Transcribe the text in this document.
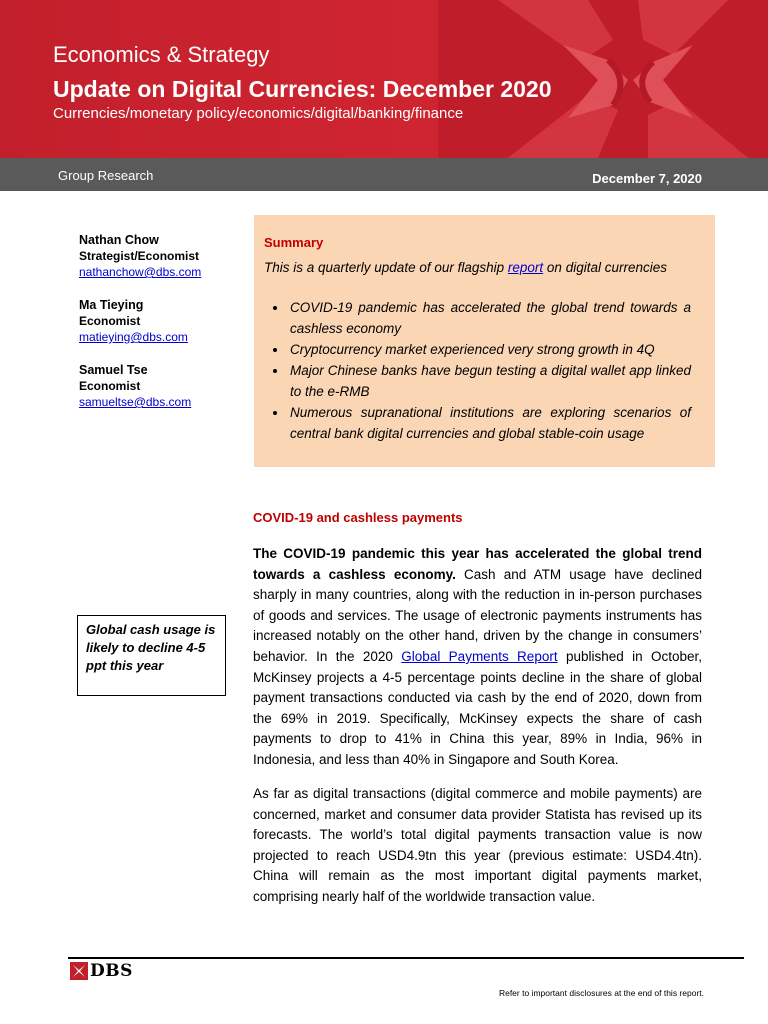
Economics & Strategy
Update on Digital Currencies: December 2020
Currencies/monetary policy/economics/digital/banking/finance
Group Research	December 7, 2020
Nathan Chow
Strategist/Economist
nathanchow@dbs.com
Ma Tieying
Economist
matieying@dbs.com
Samuel Tse
Economist
samueltse@dbs.com
Summary
This is a quarterly update of our flagship report on digital currencies
• COVID-19 pandemic has accelerated the global trend towards a cashless economy
• Cryptocurrency market experienced very strong growth in 4Q
• Major Chinese banks have begun testing a digital wallet app linked to the e-RMB
• Numerous supranational institutions are exploring scenarios of central bank digital currencies and global stable-coin usage
COVID-19 and cashless payments
The COVID-19 pandemic this year has accelerated the global trend towards a cashless economy. Cash and ATM usage have declined sharply in many countries, along with the reduction in in-person purchases of goods and services. The usage of electronic payments instruments has increased notably on the other hand, driven by the change in consumers’ behavior. In the 2020 Global Payments Report published in October, McKinsey projects a 4-5 percentage points decline in the share of global payment transactions conducted via cash by the end of 2020, down from the 69% in 2019. Specifically, McKinsey expects the share of cash payments to drop to 41% in China this year, 89% in India, 96% in Indonesia, and less than 40% in Singapore and South Korea.
As far as digital transactions (digital commerce and mobile payments) are concerned, market and consumer data provider Statista has revised up its forecasts. The world’s total digital payments transaction value is now projected to reach USD4.9tn this year (previous estimate: USD4.4tn). China will remain as the most important digital payments market, comprising nearly half of the worldwide transaction value.
Global cash usage is likely to decline 4-5 ppt this year
DBS
Refer to important disclosures at the end of this report.
